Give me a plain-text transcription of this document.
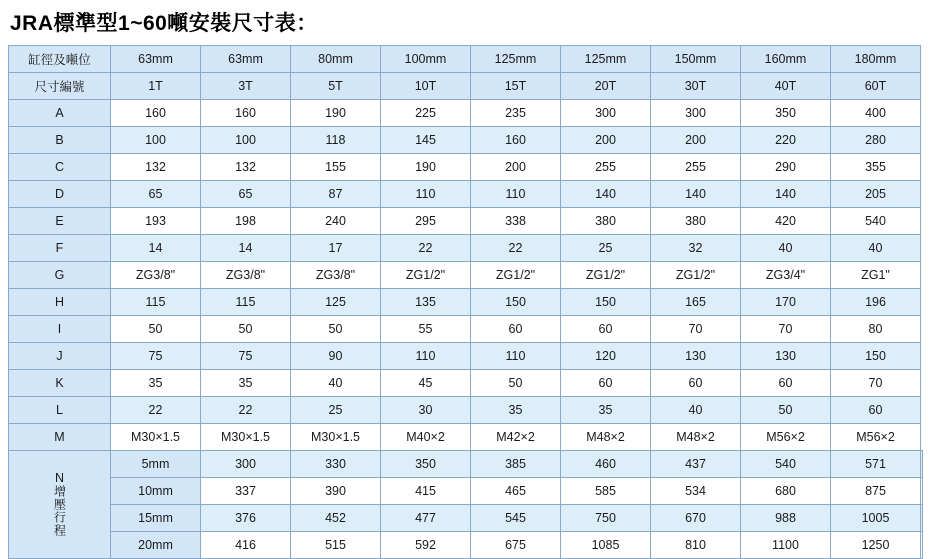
JRA標準型1~60噸安裝尺寸表：
缸徑及噸位	63mm	63mm	80mm	100mm	125mm	125mm	150mm	160mm	180mm	
尺寸編號	1T	3T	5T	10T	15T	20T	30T	40T	60T	
A	160	160	190	225	235	300	300	350	400	
B	100	100	118	145	160	200	200	220	280	
C	132	132	155	190	200	255	255	290	355	
D	65	65	87	110	110	140	140	140	205	
E	193	198	240	295	338	380	380	420	540	
F	14	14	17	22	22	25	32	40	40	
G	ZG3/8"	ZG3/8"	ZG3/8"	ZG1/2"	ZG1/2"	ZG1/2"	ZG1/2"	ZG3/4"	ZG1"	
H	115	115	125	135	150	150	165	170	196	
I	50	50	50	55	60	60	70	70	80	
J	75	75	90	110	110	120	130	130	150	
K	35	35	40	45	50	60	60	60	70	
L	22	22	25	30	35	35	40	50	60	
M	M30×1.5	M30×1.5	M30×1.5	M40×2	M42×2	M48×2	M48×2	M56×2	M56×2	

N
增壓行程	5mm	300	330	350	385	460	437	540	571	
	10mm	337	390	415	465	585	534	680	875	
	15mm	376	452	477	545	750	670	988	1005	
	20mm	416	515	592	675	1085	810	1100	1250	
